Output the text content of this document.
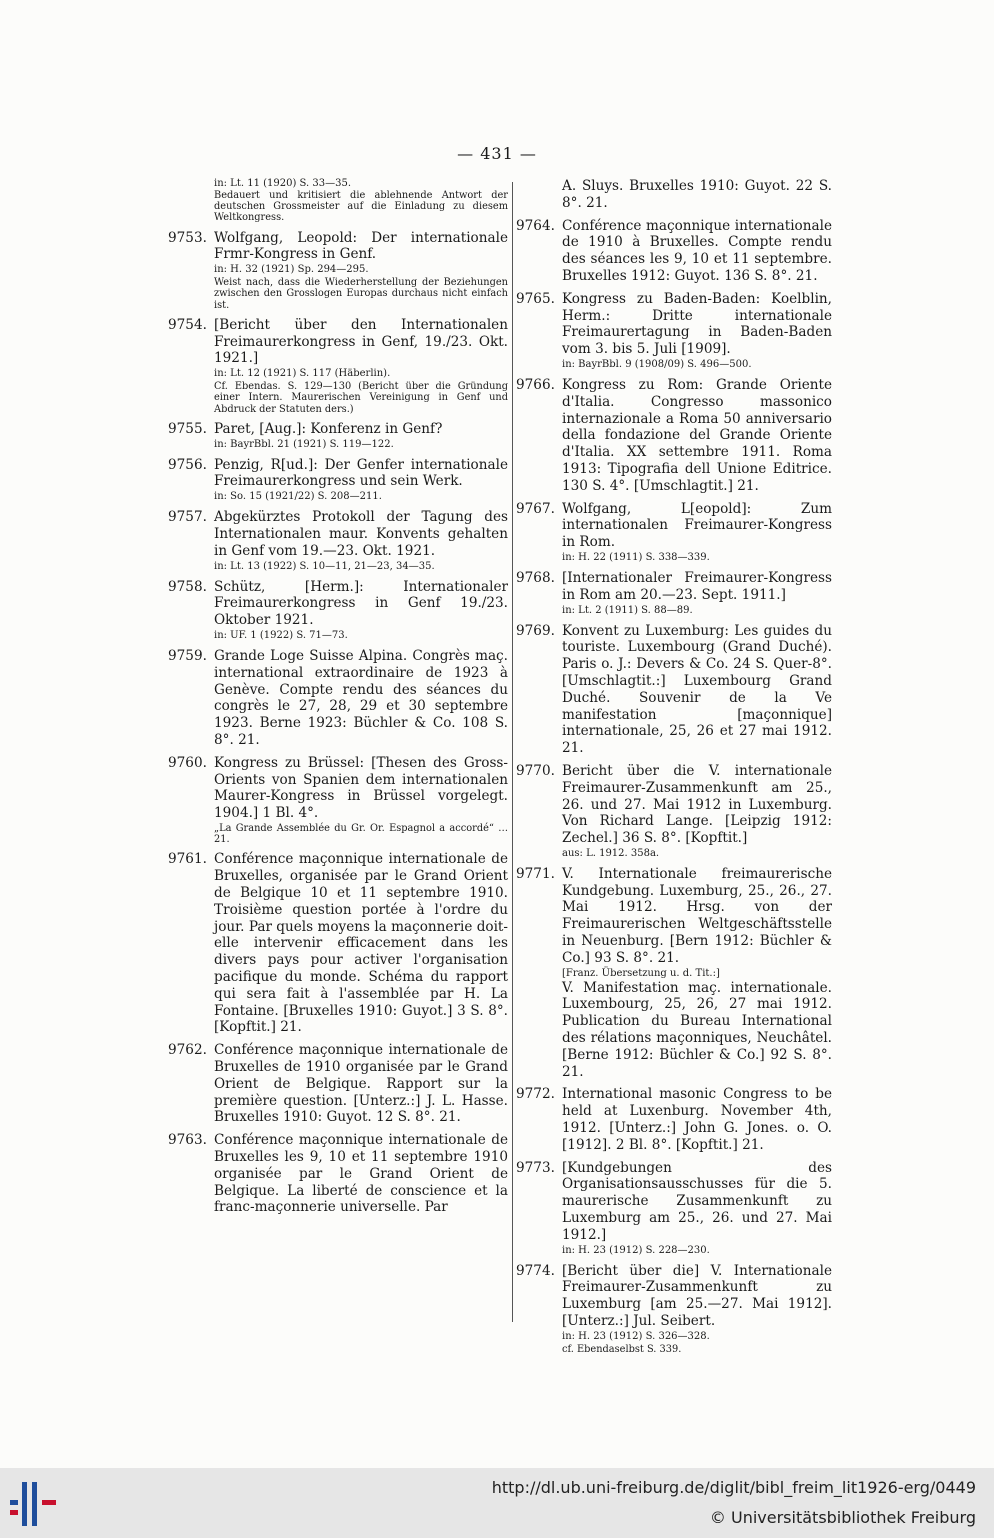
— 431 —
in: Lt. 11 (1920) S. 33—35.
Bedauert und kritisiert die ablehnende Antwort der deutschen Grossmeister auf die Einladung zu diesem Weltkongress.
9753. Wolfgang, Leopold: Der internationale Frmr-Kongress in Genf.
in: H. 32 (1921) Sp. 294—295.
Weist nach, dass die Wiederherstellung der Beziehungen zwischen den Grosslogen Europas durchaus nicht einfach ist.
9754. [Bericht über den Internationalen Freimaurerkongress in Genf, 19./23. Okt. 1921.]
in: Lt. 12 (1921) S. 117 (Häberlin).
Cf. Ebendas. S. 129—130 (Bericht über die Gründung einer Intern. Maurerischen Vereinigung in Genf und Abdruck der Statuten ders.)
9755. Paret, [Aug.]: Konferenz in Genf?
in: BayrBbl. 21 (1921) S. 119—122.
9756. Penzig, R[ud.]: Der Genfer internationale Freimaurerkongress und sein Werk.
in: So. 15 (1921/22) S. 208—211.
9757. Abgekürztes Protokoll der Tagung des Internationalen maur. Konvents gehalten in Genf vom 19.—23. Okt. 1921.
in: Lt. 13 (1922) S. 10—11, 21—23, 34—35.
9758. Schütz, [Herm.]: Internationaler Freimaurerkongress in Genf 19./23. Oktober 1921.
in: UF. 1 (1922) S. 71—73.
9759. Grande Loge Suisse Alpina. Congrès maç. international extraordinaire de 1923 à Genève. Compte rendu des séances du congrès le 27, 28, 29 et 30 septembre 1923. Berne 1923: Büchler & Co. 108 S. 8°. 21.
9760. Kongress zu Brüssel: [Thesen des Gross-Orients von Spanien dem internationalen Maurer-Kongress in Brüssel vorgelegt. 1904.] 1 Bl. 4°.
„La Grande Assemblée du Gr. Or. Espagnol a accordé“ … 21.
9761. Conférence maçonnique internationale de Bruxelles, organisée par le Grand Orient de Belgique 10 et 11 septembre 1910. Troisième question portée à l'ordre du jour. Par quels moyens la maçonnerie doit-elle intervenir efficacement dans les divers pays pour activer l'organisation pacifique du monde. Schéma du rapport qui sera fait à l'assemblée par H. La Fontaine. [Bruxelles 1910: Guyot.] 3 S. 8°. [Kopftit.] 21.
9762. Conférence maçonnique internationale de Bruxelles de 1910 organisée par le Grand Orient de Belgique. Rapport sur la première question. [Unterz.:] J. L. Hasse. Bruxelles 1910: Guyot. 12 S. 8°. 21.
9763. Conférence maçonnique internationale de Bruxelles les 9, 10 et 11 septembre 1910 organisée par le Grand Orient de Belgique. La liberté de conscience et la franc-maçonnerie universelle. Par
A. Sluys. Bruxelles 1910: Guyot. 22 S. 8°. 21.
9764. Conférence maçonnique internationale de 1910 à Bruxelles. Compte rendu des séances les 9, 10 et 11 septembre. Bruxelles 1912: Guyot. 136 S. 8°. 21.
9765. Kongress zu Baden-Baden: Koelblin, Herm.: Dritte internationale Freimaurertagung in Baden-Baden vom 3. bis 5. Juli [1909].
in: BayrBbl. 9 (1908/09) S. 496—500.
9766. Kongress zu Rom: Grande Oriente d'Italia. Congresso massonico internazionale a Roma 50 anniversario della fondazione del Grande Oriente d'Italia. XX settembre 1911. Roma 1913: Tipografia dell Unione Editrice. 130 S. 4°. [Umschlagtit.] 21.
9767. Wolfgang, L[eopold]: Zum internationalen Freimaurer-Kongress in Rom.
in: H. 22 (1911) S. 338—339.
9768. [Internationaler Freimaurer-Kongress in Rom am 20.—23. Sept. 1911.]
in: Lt. 2 (1911) S. 88—89.
9769. Konvent zu Luxemburg: Les guides du touriste. Luxembourg (Grand Duché). Paris o. J.: Devers & Co. 24 S. Quer-8°. [Umschlagtit.:] Luxembourg Grand Duché. Souvenir de la Ve manifestation [maçonnique] internationale, 25, 26 et 27 mai 1912. 21.
9770. Bericht über die V. internationale Freimaurer-Zusammenkunft am 25., 26. und 27. Mai 1912 in Luxemburg. Von Richard Lange. [Leipzig 1912: Zechel.] 36 S. 8°. [Kopftit.]
aus: L. 1912. 358a.
9771. V. Internationale freimaurerische Kundgebung. Luxemburg, 25., 26., 27. Mai 1912. Hrsg. von der Freimaurerischen Weltgeschäftsstelle in Neuenburg. [Bern 1912: Büchler & Co.] 93 S. 8°. 21.
[Franz. Übersetzung u. d. Tit.:]
V. Manifestation maç. internationale. Luxembourg, 25, 26, 27 mai 1912. Publication du Bureau International des rélations maçonniques, Neuchâtel. [Berne 1912: Büchler & Co.] 92 S. 8°. 21.
9772. International masonic Congress to be held at Luxenburg. November 4th, 1912. [Unterz.:] John G. Jones. o. O. [1912]. 2 Bl. 8°. [Kopftit.] 21.
9773. [Kundgebungen des Organisationsausschusses für die 5. maurerische Zusammenkunft zu Luxemburg am 25., 26. und 27. Mai 1912.]
in: H. 23 (1912) S. 228—230.
9774. [Bericht über die] V. Internationale Freimaurer-Zusammenkunft zu Luxemburg [am 25.—27. Mai 1912]. [Unterz.:] Jul. Seibert.
in: H. 23 (1912) S. 326—328.
cf. Ebendaselbst S. 339.
http://dl.ub.uni-freiburg.de/diglit/bibl_freim_lit1926-erg/0449
© Universitätsbibliothek Freiburg
